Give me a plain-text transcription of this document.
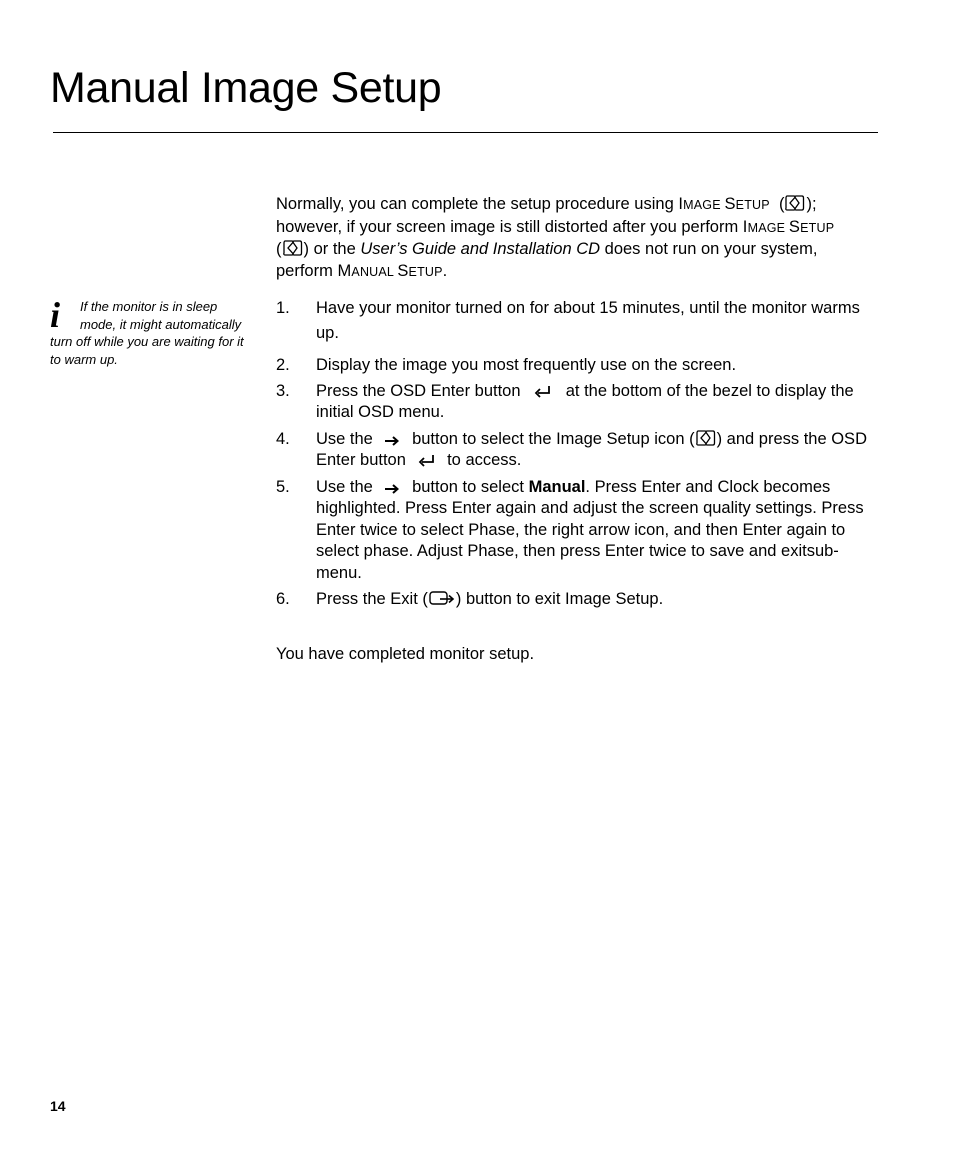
Manual Image Setup
i	If the monitor is in sleep mode, it might automatically turn off while you are waiting for it to warm up.
Normally, you can complete the setup procedure using IMAGE SETUP  ( );
however, if your screen image is still distorted after you perform IMAGE SETUP
( ) or the User’s Guide and Installation CD does not run on your system,
perform MANUAL SETUP.
1. Have your monitor turned on for about 15 minutes, until the monitor warms up.
2. Display the image you most frequently use on the screen.
3. Press the OSD Enter button	at the bottom of the bezel to display the initial OSD menu.
4. Use the button to select the Image Setup icon ( ) and press the OSD Enter button to access.
5. Use the button to select Manual. Press Enter and Clock becomes highlighted. Press Enter again and adjust the screen quality settings. Press Enter twice to select Phase, the right arrow icon, and then Enter again to select phase. Adjust Phase, then press Enter twice to save and exitsub-menu.
6. Press the Exit ( ) button to exit Image Setup.
You have completed monitor setup.
14
